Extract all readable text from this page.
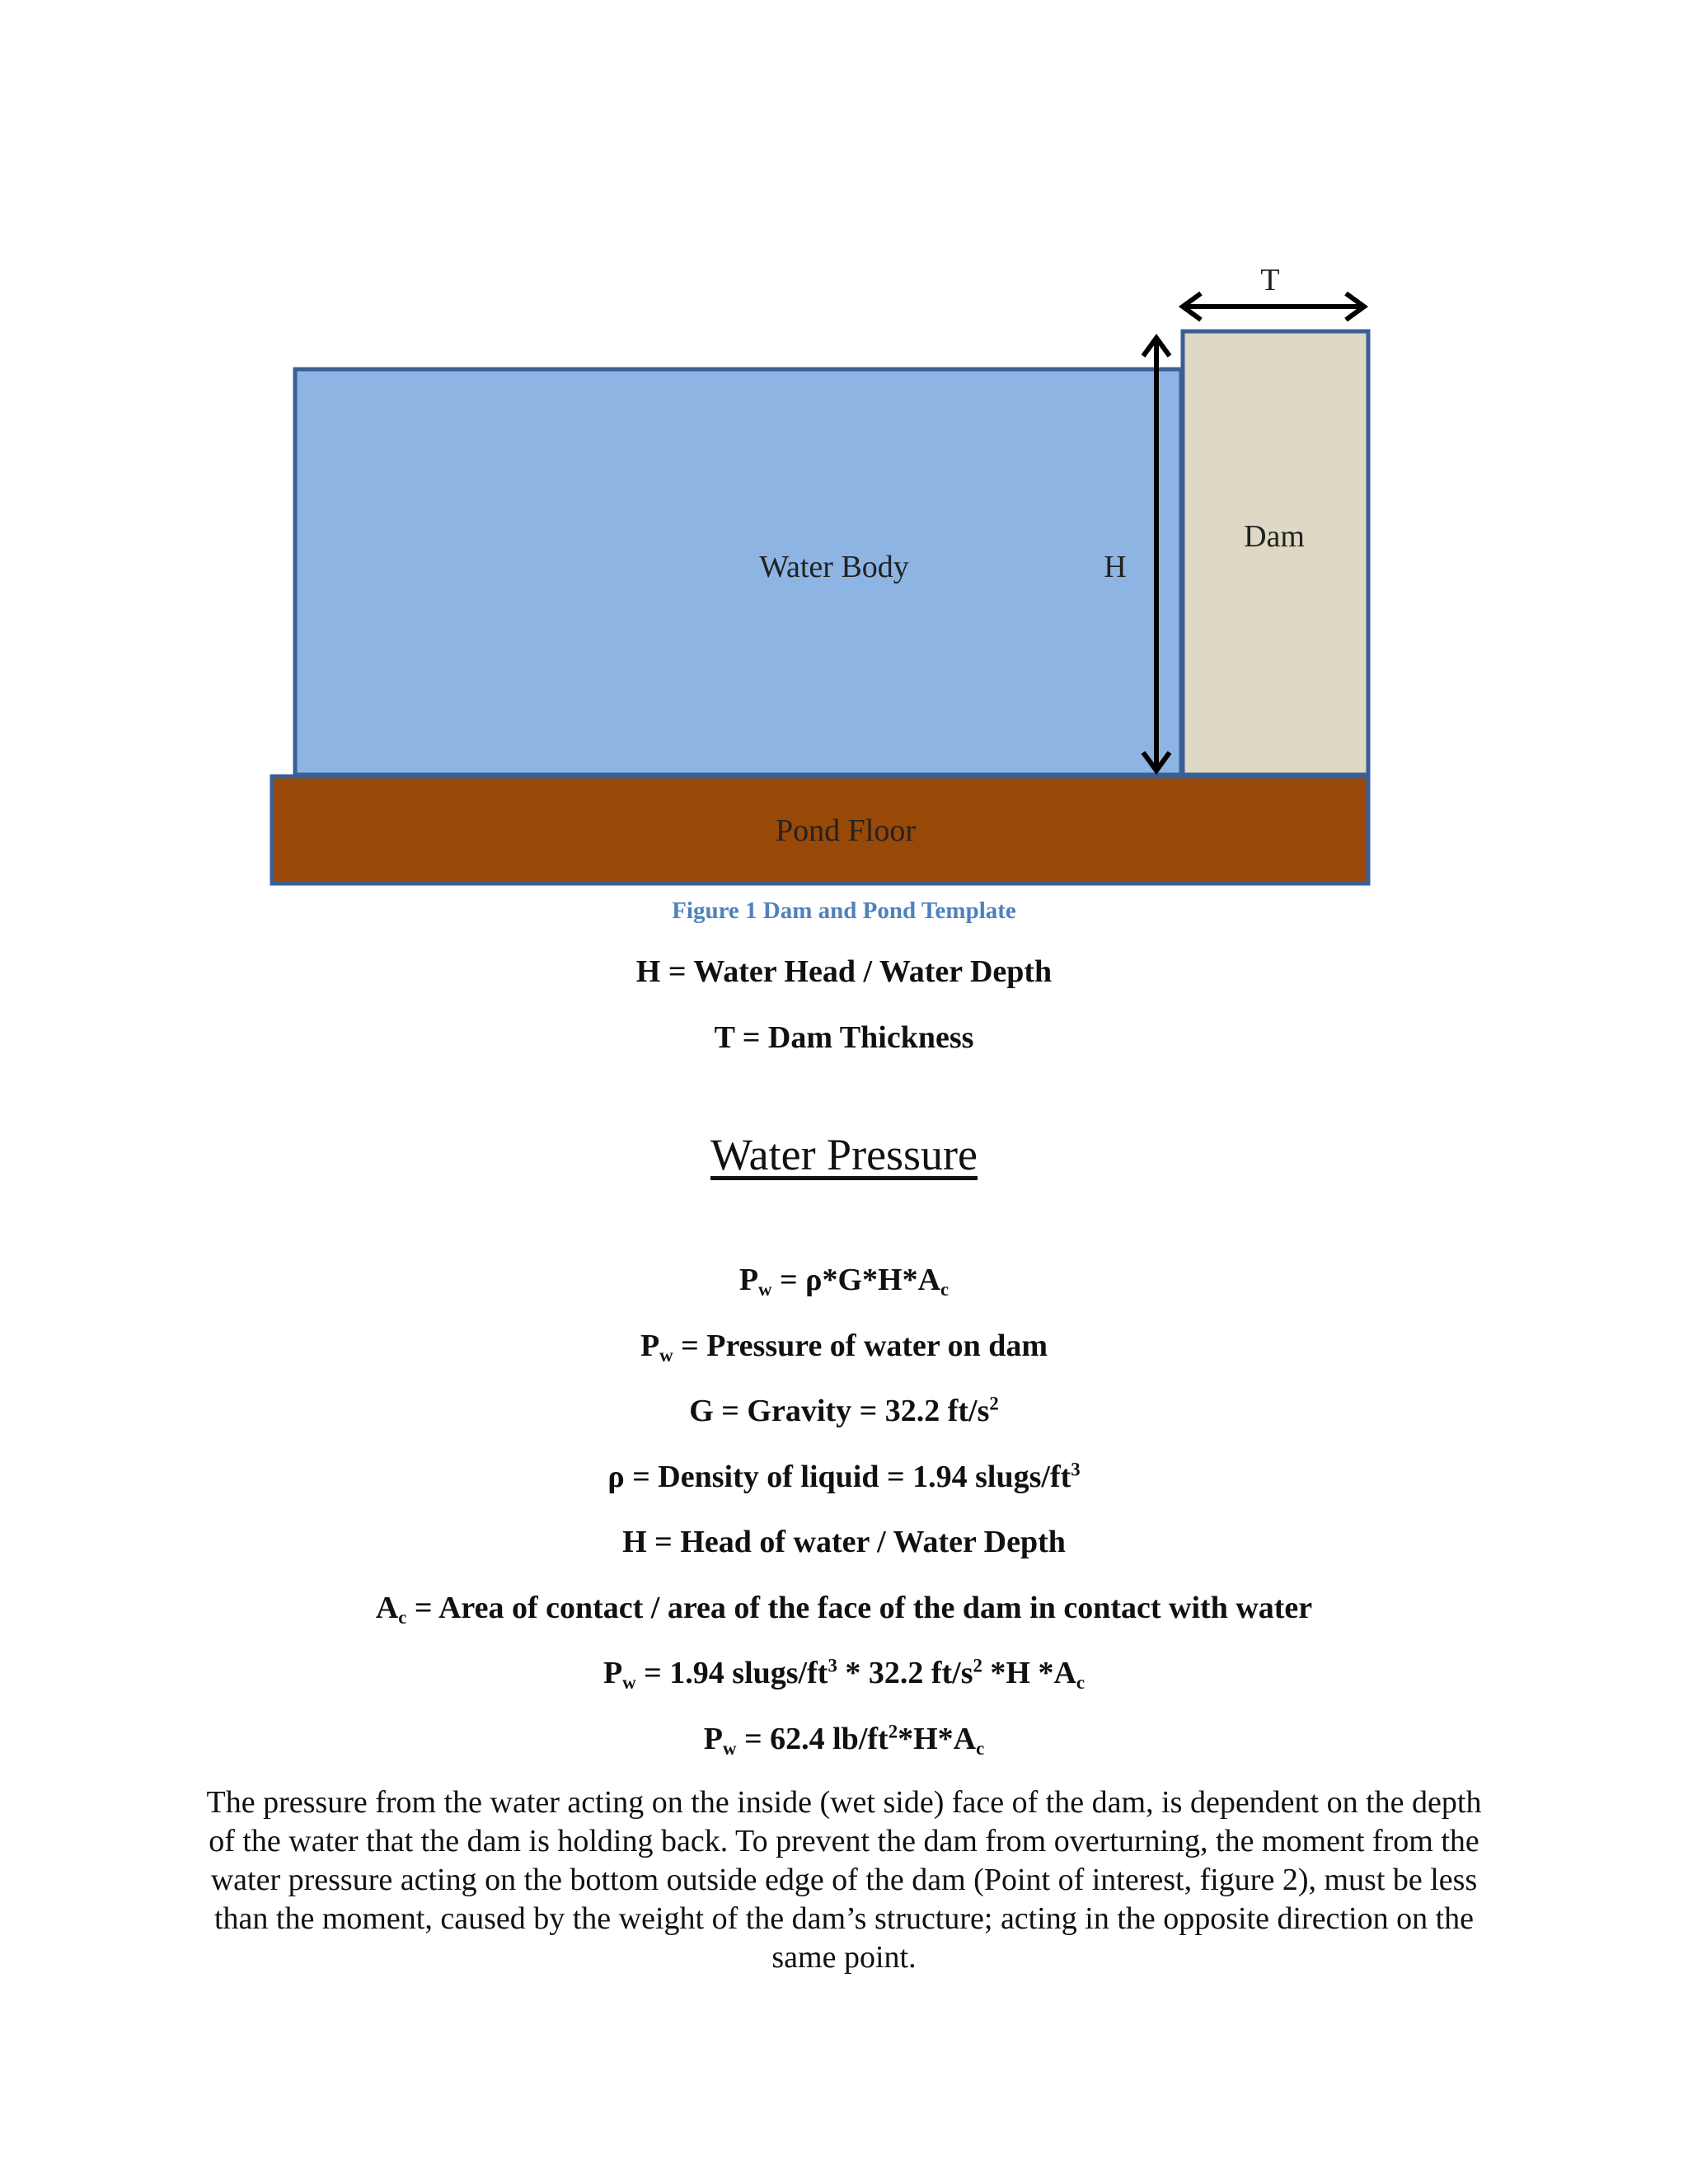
Water Body	H
T
Dam
Pond Floor
Figure 1 Dam and Pond Template
H = Water Head / Water Depth
T = Dam Thickness
Water Pressure
$P_w = \rho*G*H*A_c$
$P_w$ = Pressure of water on dam
G = Gravity = 32.2 $ft/s^2$
ρ = Density of liquid = 1.94 slugs/$ft^3$
H = Head of water / Water Depth
$A_c$ = Area of contact / area of the face of the dam in contact with water
$P_w = 1.94$ slugs/$ft^3 * 32.2$ $ft/s^2$ *H $*A_c$
$P_w = 62.4$ $lb/ft^2*H*A_c$
The pressure from the water acting on the inside (wet side) face of the dam, is dependent on the depth of the water that the dam is holding back. To prevent the dam from overturning, the moment from the water pressure acting on the bottom outside edge of the dam (Point of interest, figure 2), must be less than the moment, caused by the weight of the dam’s structure; acting in the opposite direction on the same point.
